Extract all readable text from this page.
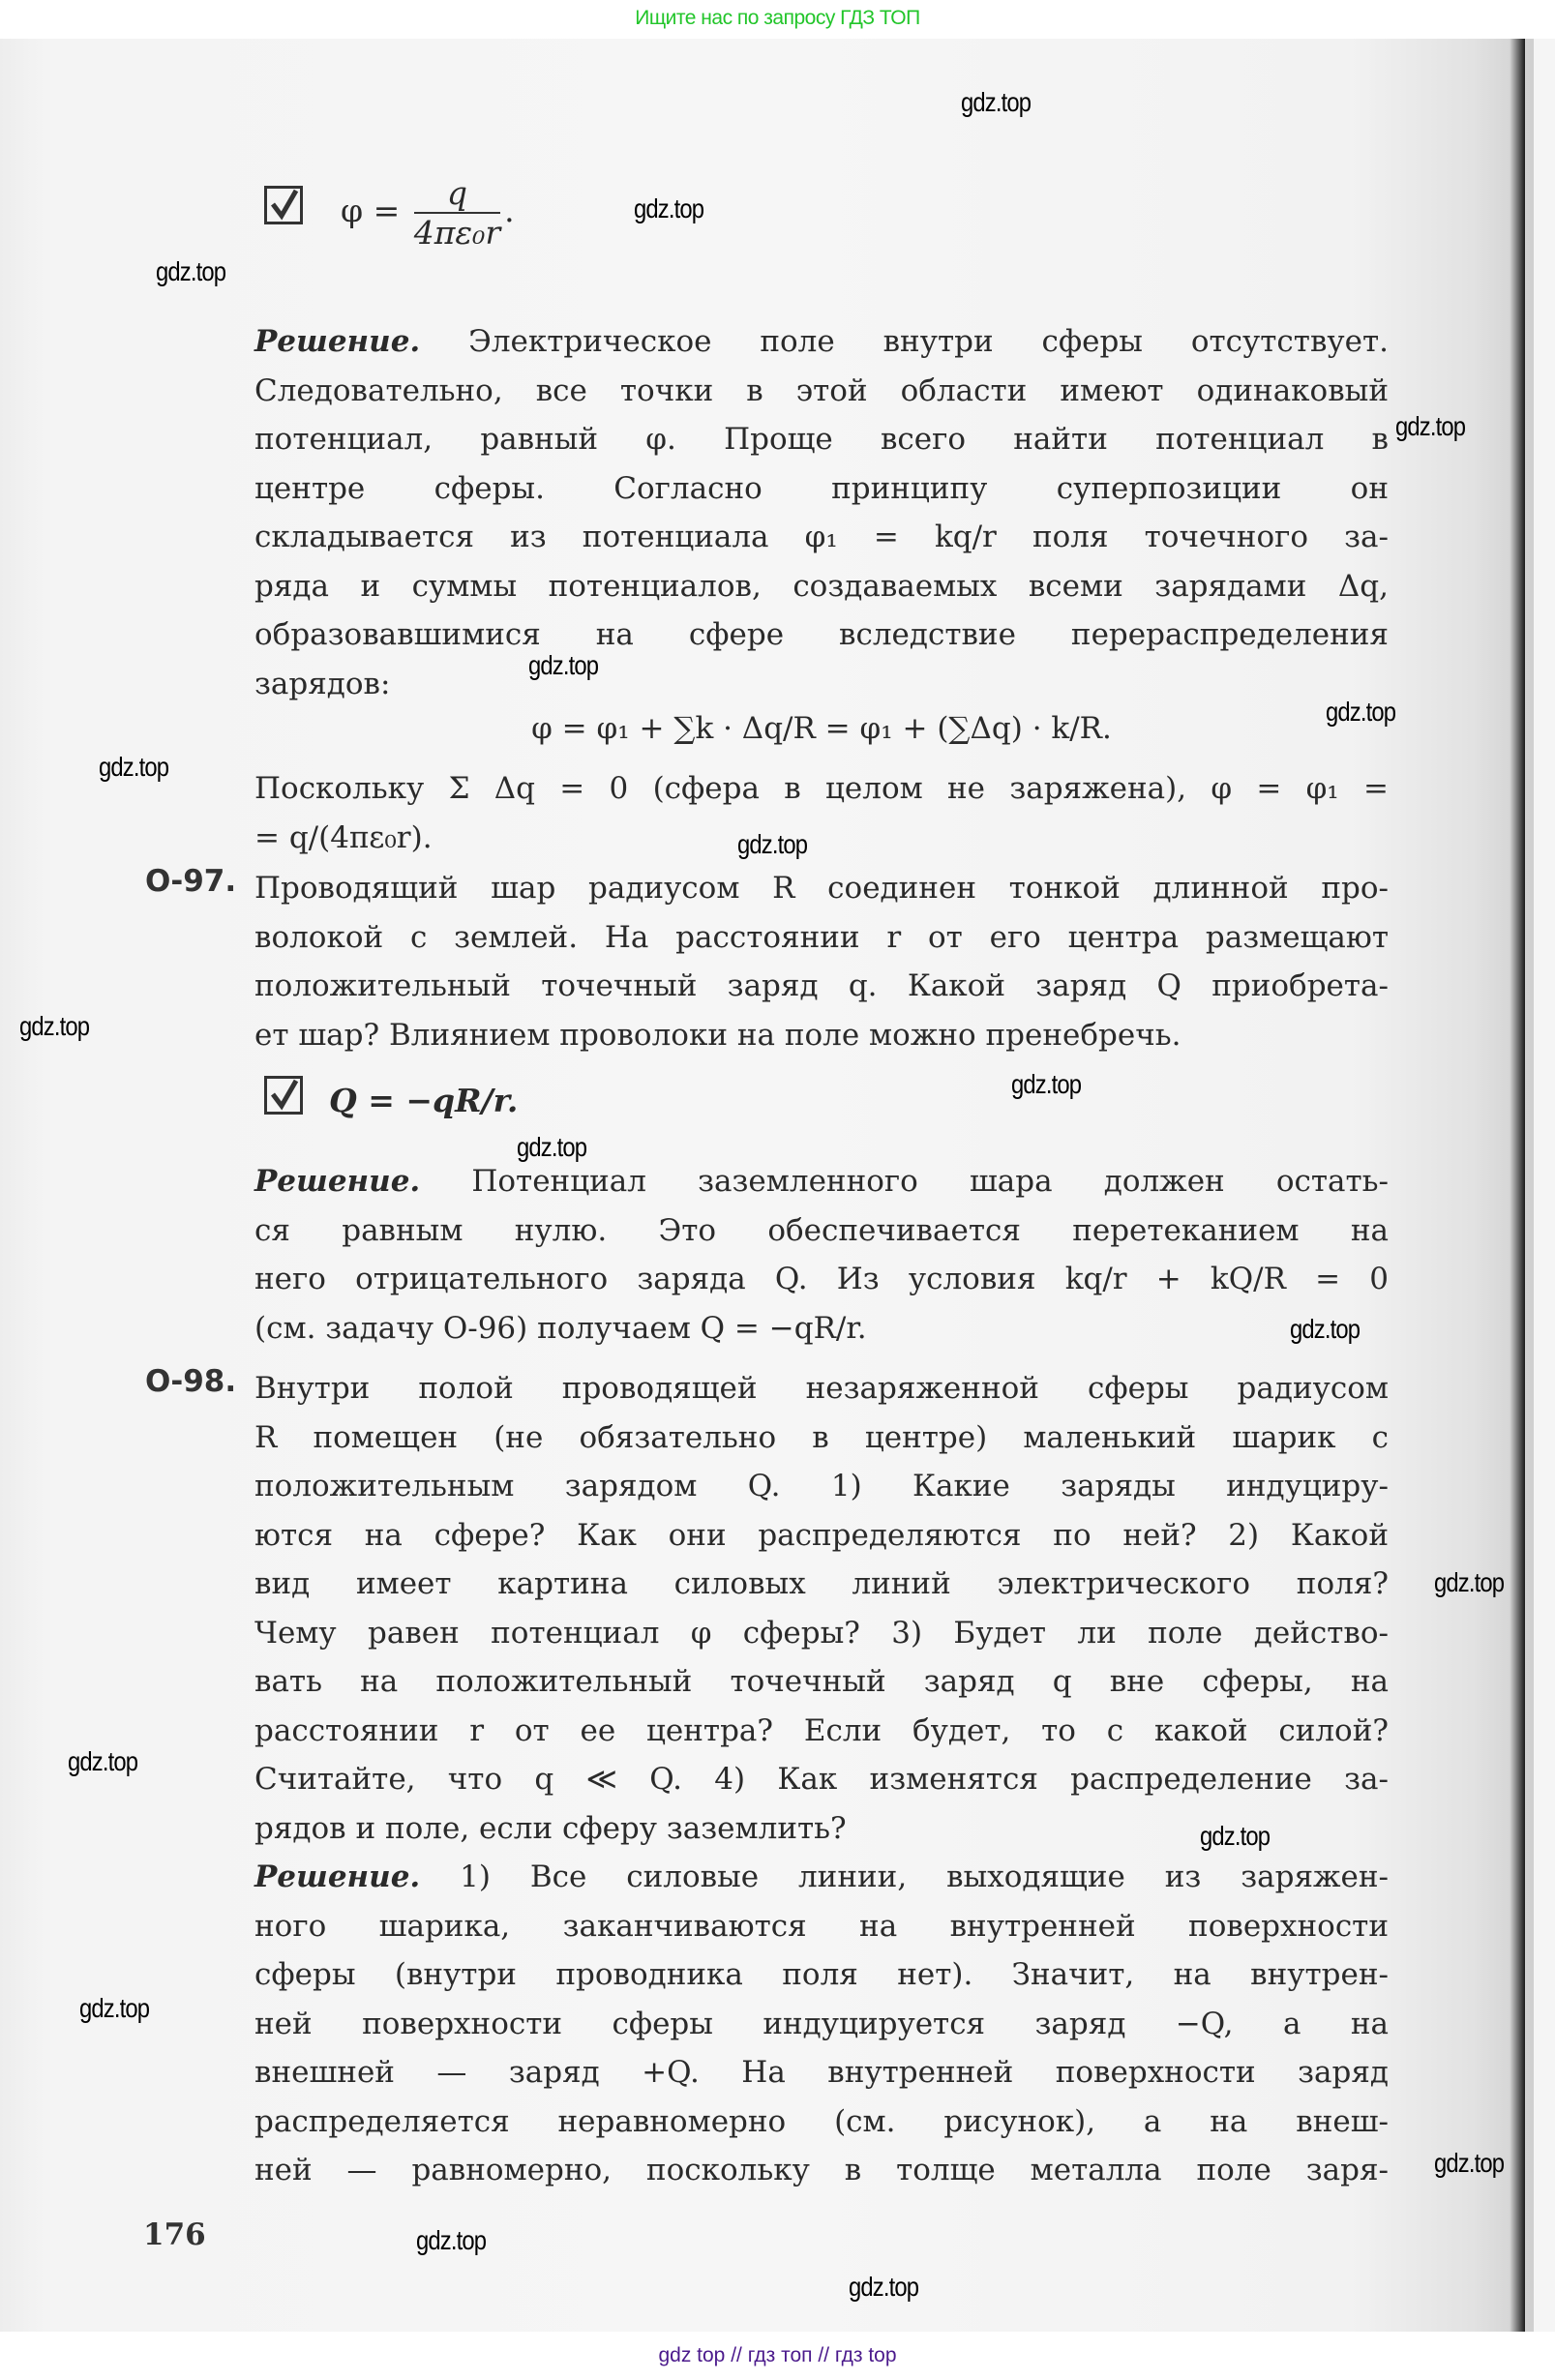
Ищите нас по запросу ГДЗ ТОП
$\varphi = \frac{q}{\text{4πε₀r}}$ .
Решение. Электрическое поле внутри сферы отсутствует.
Следовательно, все точки в этой области имеют одинаковый
потенциал, равный φ. Проще всего найти потенциал в
центре сферы. Согласно принципу суперпозиции он
складывается из потенциала φ₁ = kq/r поля точечного за-
ряда и суммы потенциалов, создаваемых всеми зарядами Δq,
образовавшимися на сфере вследствие перераспределения
зарядов:
φ = φ₁ + ∑k · Δq/R = φ₁ + (∑Δq) · k/R.
Поскольку Σ Δq = 0 (сфера в целом не заряжена), φ = φ₁ =
= q/(4πε₀r).
О-97. Проводящий шар радиусом R соединен тонкой длинной про-
волокой с землей. На расстоянии r от его центра размещают
положительный точечный заряд q. Какой заряд Q приобрета-
ет шар? Влиянием проволоки на поле можно пренебречь.
Q = −qR/r.
Решение. Потенциал заземленного шара должен остать-
ся равным нулю. Это обеспечивается перетеканием на
него отрицательного заряда Q. Из условия kq/r + kQ/R = 0
(см. задачу О-96) получаем Q = −qR/r.
О-98. Внутри полой проводящей незаряженной сферы радиусом
R помещен (не обязательно в центре) маленький шарик с
положительным зарядом Q. 1) Какие заряды индуциру-
ются на сфере? Как они распределяются по ней? 2) Какой
вид имеет картина силовых линий электрического поля?
Чему равен потенциал φ сферы? 3) Будет ли поле действо-
вать на положительный точечный заряд q вне сферы, на
расстоянии r от ее центра? Если будет, то с какой силой?
Считайте, что q ≪ Q. 4) Как изменятся распределение за-
рядов и поле, если сферу заземлить?
Решение. 1) Все силовые линии, выходящие из заряжен-
ного шарика, заканчиваются на внутренней поверхности
сферы (внутри проводника поля нет). Значит, на внутрен-
ней поверхности сферы индуцируется заряд −Q, а на
внешней — заряд +Q. На внутренней поверхности заряд
распределяется неравномерно (см. рисунок), а на внеш-
ней — равномерно, поскольку в толще металла поле заря-
176
gdz.top
gdz.top
gdz.top
gdz.top
gdz.top
gdz.top
gdz.top
gdz.top
gdz.top
gdz.top
gdz.top
gdz.top
gdz.top
gdz.top
gdz.top
gdz.top
gdz.top
gdz.top
gdz.top
gdz top // гдз топ // гдз top
